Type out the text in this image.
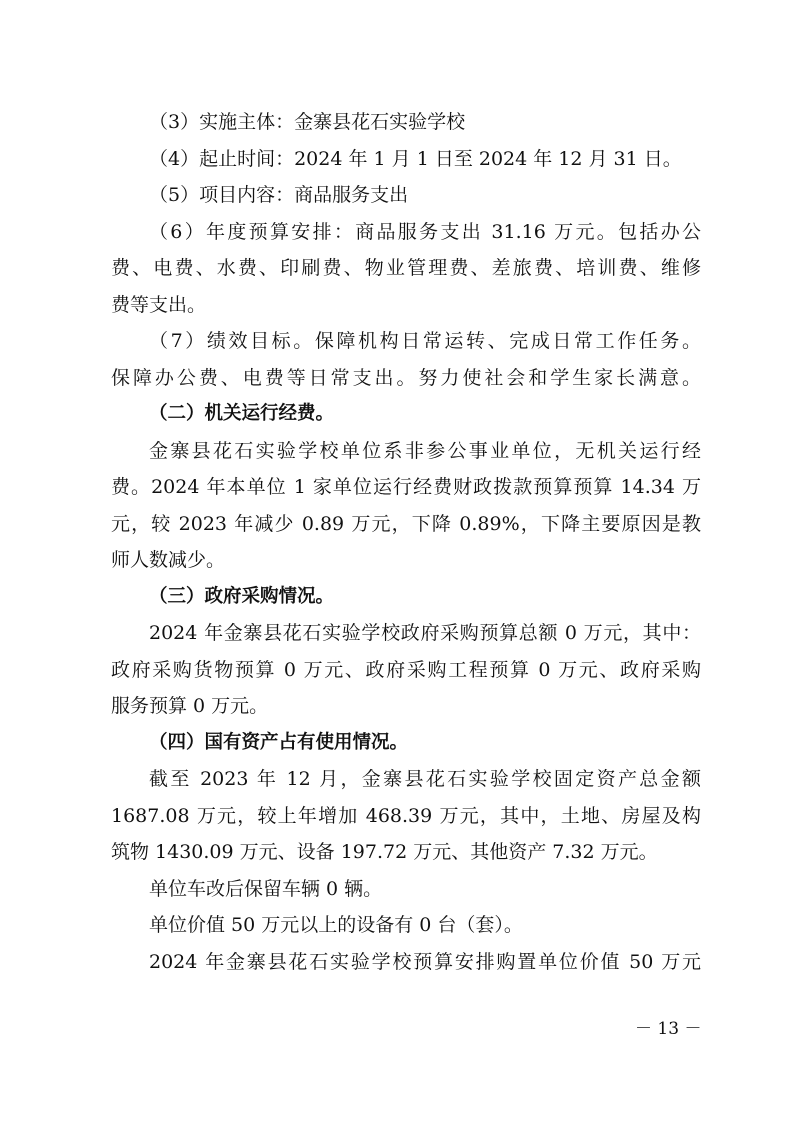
（3）实施主体：金寨县花石实验学校
（4）起止时间：2024 年 1 月 1 日至 2024 年 12 月 31 日。
（5）项目内容：商品服务支出
（6）年度预算安排：商品服务支出 31.16 万元。包括办公
费、电费、水费、印刷费、物业管理费、差旅费、培训费、维修
费等支出。
（7）绩效目标。保障机构日常运转、完成日常工作任务。
保障办公费、电费等日常支出。努力使社会和学生家长满意。
（二）机关运行经费。
金寨县花石实验学校单位系非参公事业单位，无机关运行经
费。2024 年本单位 1 家单位运行经费财政拨款预算预算 14.34 万
元，较 2023 年减少 0.89 万元，下降 0.89%，下降主要原因是教
师人数减少。
（三）政府采购情况。
2024 年金寨县花石实验学校政府采购预算总额 0 万元，其中：
政府采购货物预算 0 万元、政府采购工程预算 0 万元、政府采购
服务预算 0 万元。
（四）国有资产占有使用情况。
截至 2023 年 12 月，金寨县花石实验学校固定资产总金额
1687.08 万元，较上年增加 468.39 万元，其中，土地、房屋及构
筑物 1430.09 万元、设备 197.72 万元、其他资产 7.32 万元。
单位车改后保留车辆 0 辆。
单位价值 50 万元以上的设备有 0 台（套）。
2024 年金寨县花石实验学校预算安排购置单位价值 50 万元
－ 13 －
